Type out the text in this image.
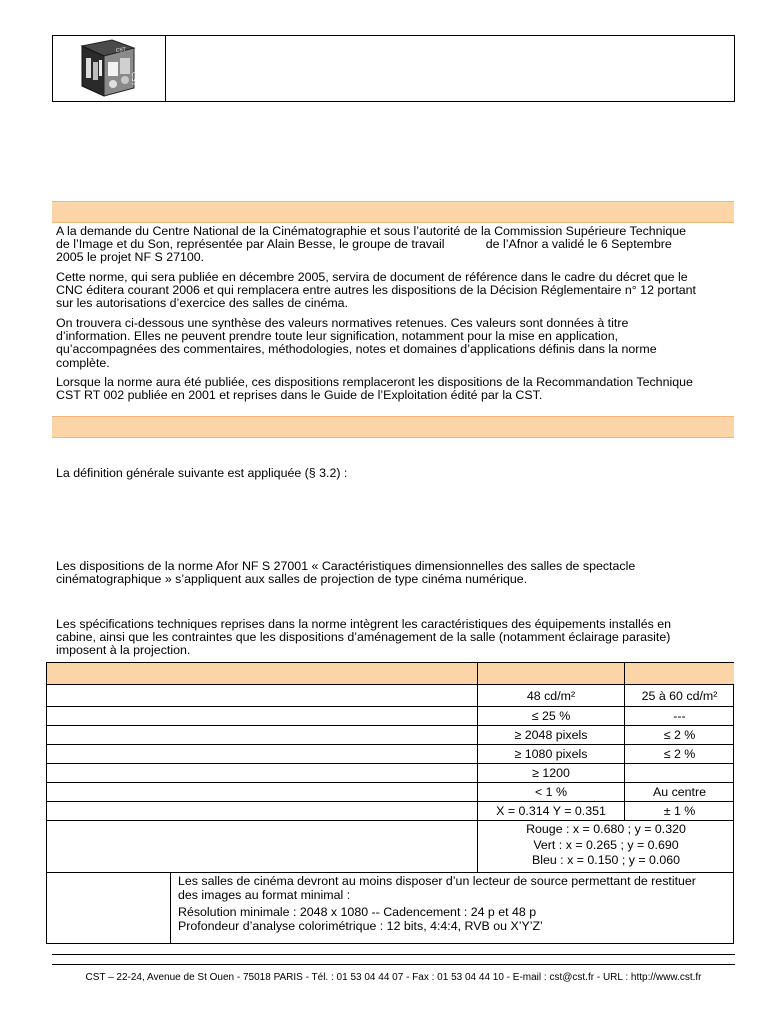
CST
CST
A la demande du Centre National de la Cinématographie et sous l’autorité de la Commission Supérieure Technique
de l’Image et du Son, représentée par Alain Besse, le groupe de travail            de l’Afnor a validé le 6 Septembre
2005 le projet NF S 27100.
Cette norme, qui sera publiée en décembre 2005, servira de document de référence dans le cadre du décret que le
CNC éditera courant 2006 et qui remplacera entre autres les dispositions de la Décision Réglementaire n° 12 portant
sur les autorisations d’exercice des salles de cinéma.
On trouvera ci-dessous une synthèse des valeurs normatives retenues. Ces valeurs sont données à titre
d’information. Elles ne peuvent prendre toute leur signification, notamment pour la mise en application,
qu’accompagnées des commentaires, méthodologies, notes et domaines d’applications définis dans la norme
complète.
Lorsque la norme aura été publiée, ces dispositions remplaceront les dispositions de la Recommandation Technique
CST RT 002 publiée en 2001 et reprises dans le Guide de l’Exploitation édité par la CST.
La définition générale suivante est appliquée (§ 3.2) :
Les dispositions de la norme Afor NF S 27001 « Caractéristiques dimensionnelles des salles de spectacle
cinématographique » s’appliquent aux salles de projection de type cinéma numérique.
Les spécifications techniques reprises dans la norme intègrent les caractéristiques des équipements installés en
cabine, ainsi que les contraintes que les dispositions d’aménagement de la salle (notamment éclairage parasite)
imposent à la projection.
48 cd/m²	25 à 60 cd/m²
≤ 25 %	---
≥ 2048 pixels	≤ 2 %
≥ 1080 pixels	≤ 2 %
≥ 1200
< 1 %	Au centre
X = 0.314 Y = 0.351	± 1 %
Rouge : x = 0.680 ; y = 0.320
Vert : x = 0.265 ; y = 0.690
Bleu : x = 0.150 ; y = 0.060
Les salles de cinéma devront au moins disposer d’un lecteur de source permettant de restituer
des images au format minimal :
Résolution minimale : 2048 x 1080 -- Cadencement : 24 p et 48 p
Profondeur d’analyse colorimétrique : 12 bits, 4:4:4, RVB ou X’Y’Z’
CST – 22-24, Avenue de St Ouen - 75018 PARIS - Tél. : 01 53 04 44 07 - Fax : 01 53 04 44 10 - E-mail : cst@cst.fr - URL : http://www.cst.fr
